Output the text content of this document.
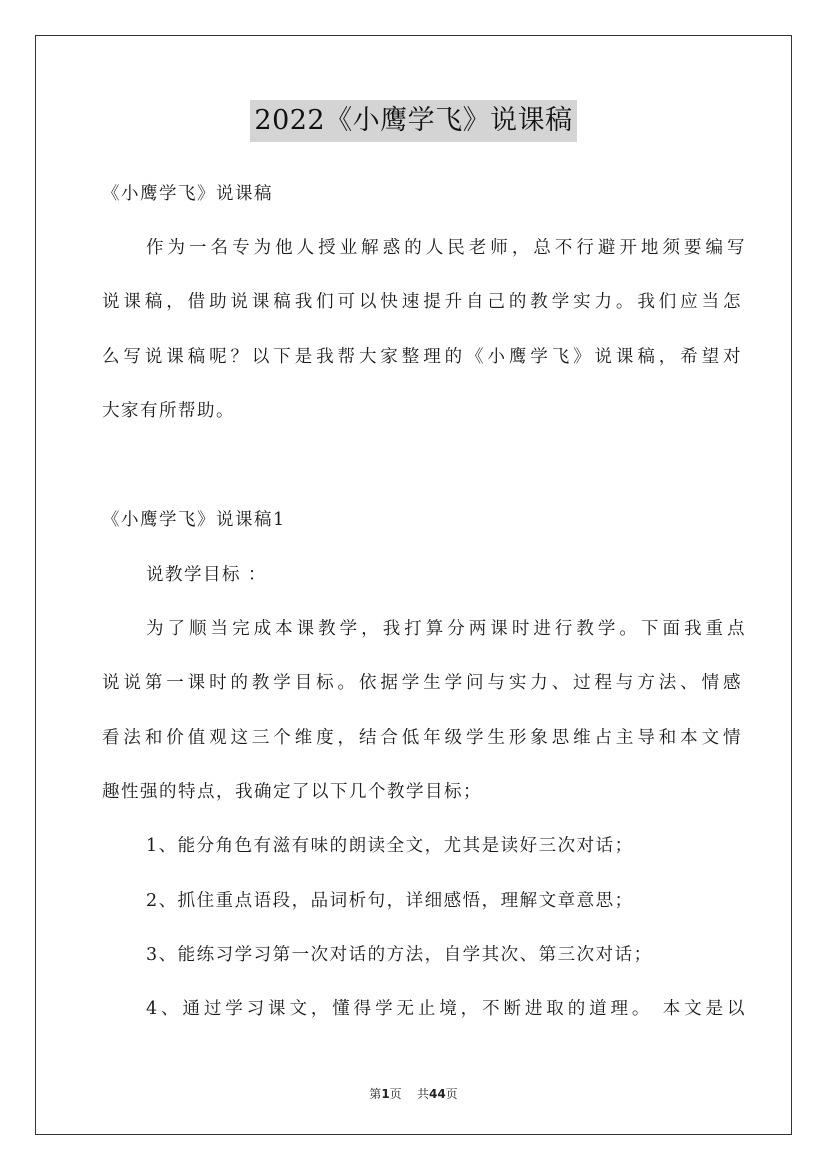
2022《小鹰学飞》说课稿
《小鹰学飞》说课稿
作为一名专为他人授业解惑的人民老师，总不行避开地须要编写
说课稿，借助说课稿我们可以快速提升自己的教学实力。我们应当怎
么写说课稿呢？以下是我帮大家整理的《小鹰学飞》说课稿，希望对
大家有所帮助。
《小鹰学飞》说课稿1
说教学目标 ：
为了顺当完成本课教学，我打算分两课时进行教学。下面我重点
说说第一课时的教学目标。依据学生学问与实力、过程与方法、情感
看法和价值观这三个维度，结合低年级学生形象思维占主导和本文情
趣性强的特点，我确定了以下几个教学目标；
1、能分角色有滋有味的朗读全文，尤其是读好三次对话；
2、抓住重点语段，品词析句，详细感悟，理解文章意思；
3、能练习学习第一次对话的方法，自学其次、第三次对话；
4、通过学习课文，懂得学无止境，不断进取的道理。 本文是以
第1页 共44页
